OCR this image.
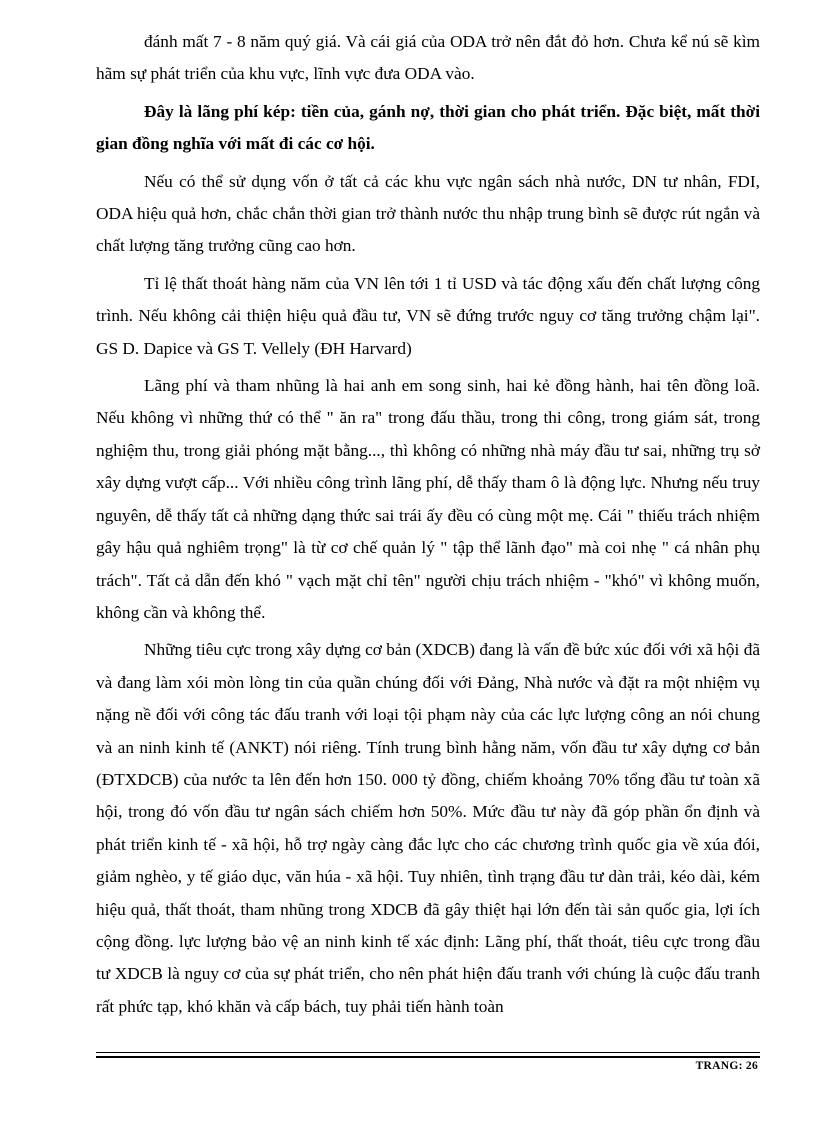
đánh mất 7 - 8 năm quý giá. Và cái giá của ODA trở nên đắt đỏ hơn. Chưa kể nú sẽ kìm hãm sự phát triển của khu vực, lĩnh vực đưa ODA vào.

Đây là lãng phí kép: tiền của, gánh nợ, thời gian cho phát triển. Đặc biệt, mất thời gian đồng nghĩa với mất đi các cơ hội.

Nếu có thể sử dụng vốn ở tất cả các khu vực ngân sách nhà nước, DN tư nhân, FDI, ODA hiệu quả hơn, chắc chắn thời gian trở thành nước thu nhập trung bình sẽ được rút ngắn và chất lượng tăng trưởng cũng cao hơn.

Tỉ lệ thất thoát hàng năm của VN lên tới 1 tỉ USD và tác động xấu đến chất lượng công trình. Nếu không cải thiện hiệu quả đầu tư, VN sẽ đứng trước nguy cơ tăng trưởng chậm lại". GS D. Dapice và GS T. Vellely (ĐH Harvard)

Lãng phí và tham nhũng là hai anh em song sinh, hai kẻ đồng hành, hai tên đồng loã. Nếu không vì những thứ có thể " ăn ra" trong đấu thầu, trong thi công, trong giám sát, trong nghiệm thu, trong giải phóng mặt bằng..., thì không có những nhà máy đầu tư sai, những trụ sở xây dựng vượt cấp... Với nhiều công trình lãng phí, dễ thấy tham ô là động lực. Nhưng nếu truy nguyên, dễ thấy tất cả những dạng thức sai trái ấy đều có cùng một mẹ. Cái " thiếu trách nhiệm gây hậu quả nghiêm trọng" là từ cơ chế quản lý " tập thể lãnh đạo" mà coi nhẹ " cá nhân phụ trách". Tất cả dẫn đến khó " vạch mặt chỉ tên" người chịu trách nhiệm - "khó" vì không muốn, không cần và không thể.

Những tiêu cực trong xây dựng cơ bản (XDCB) đang là vấn đề bức xúc đối với xã hội đã và đang làm xói mòn lòng tin của quần chúng đối với Đảng, Nhà nước và đặt ra một nhiệm vụ nặng nề đối với công tác đấu tranh với loại tội phạm này của các lực lượng công an nói chung và an ninh kinh tế (ANKT) nói riêng. Tính trung bình hằng năm, vốn đầu tư xây dựng cơ bản (ĐTXDCB) của nước ta lên đến hơn 150. 000 tỷ đồng, chiếm khoảng 70% tổng đầu tư toàn xã hội, trong đó vốn đầu tư ngân sách chiếm hơn 50%. Mức đầu tư này đã góp phần ổn định và phát triển kinh tế - xã hội, hỗ trợ ngày càng đắc lực cho các chương trình quốc gia về xúa đói, giảm nghèo, y tế giáo dục, văn húa - xã hội. Tuy nhiên, tình trạng đầu tư dàn trải, kéo dài, kém hiệu quả, thất thoát, tham nhũng trong XDCB đã gây thiệt hại lớn đến tài sản quốc gia, lợi ích cộng đồng. lực lượng bảo vệ an ninh kinh tế xác định: Lãng phí, thất thoát, tiêu cực trong đầu tư XDCB là nguy cơ của sự phát triển, cho nên phát hiện đấu tranh với chúng là cuộc đấu tranh rất phức tạp, khó khăn và cấp bách, tuy phải tiến hành toàn

TRANG: 26
